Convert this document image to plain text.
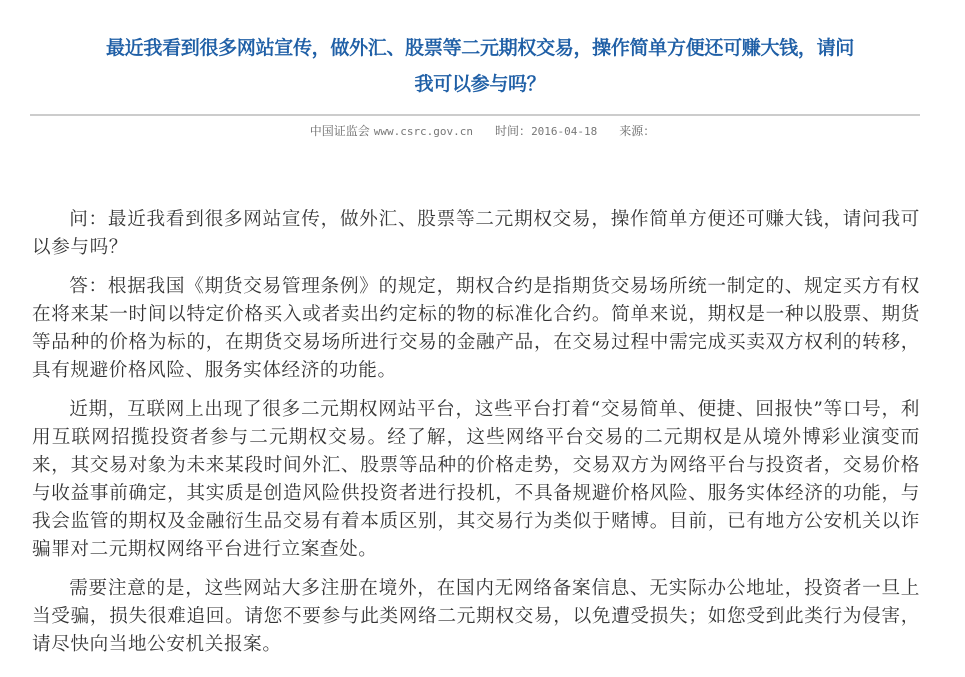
最近我看到很多网站宣传，做外汇、股票等二元期权交易，操作简单方便还可赚大钱，请问我可以参与吗？
中国证监会 www.csrc.gov.cn 时间：2016-04-18 来源：

问：最近我看到很多网站宣传，做外汇、股票等二元期权交易，操作简单方便还可赚大钱，请问我可以参与吗？

答：根据我国《期货交易管理条例》的规定，期权合约是指期货交易场所统一制定的、规定买方有权在将来某一时间以特定价格买入或者卖出约定标的物的标准化合约。简单来说，期权是一种以股票、期货等品种的价格为标的，在期货交易场所进行交易的金融产品，在交易过程中需完成买卖双方权利的转移，具有规避价格风险、服务实体经济的功能。

近期，互联网上出现了很多二元期权网站平台，这些平台打着“交易简单、便捷、回报快”等口号，利用互联网招揽投资者参与二元期权交易。经了解，这些网络平台交易的二元期权是从境外博彩业演变而来，其交易对象为未来某段时间外汇、股票等品种的价格走势，交易双方为网络平台与投资者，交易价格与收益事前确定，其实质是创造风险供投资者进行投机，不具备规避价格风险、服务实体经济的功能，与我会监管的期权及金融衍生品交易有着本质区别，其交易行为类似于赌博。目前，已有地方公安机关以诈骗罪对二元期权网络平台进行立案查处。

需要注意的是，这些网站大多注册在境外，在国内无网络备案信息、无实际办公地址，投资者一旦上当受骗，损失很难追回。请您不要参与此类网络二元期权交易，以免遭受损失；如您受到此类行为侵害，请尽快向当地公安机关报案。
